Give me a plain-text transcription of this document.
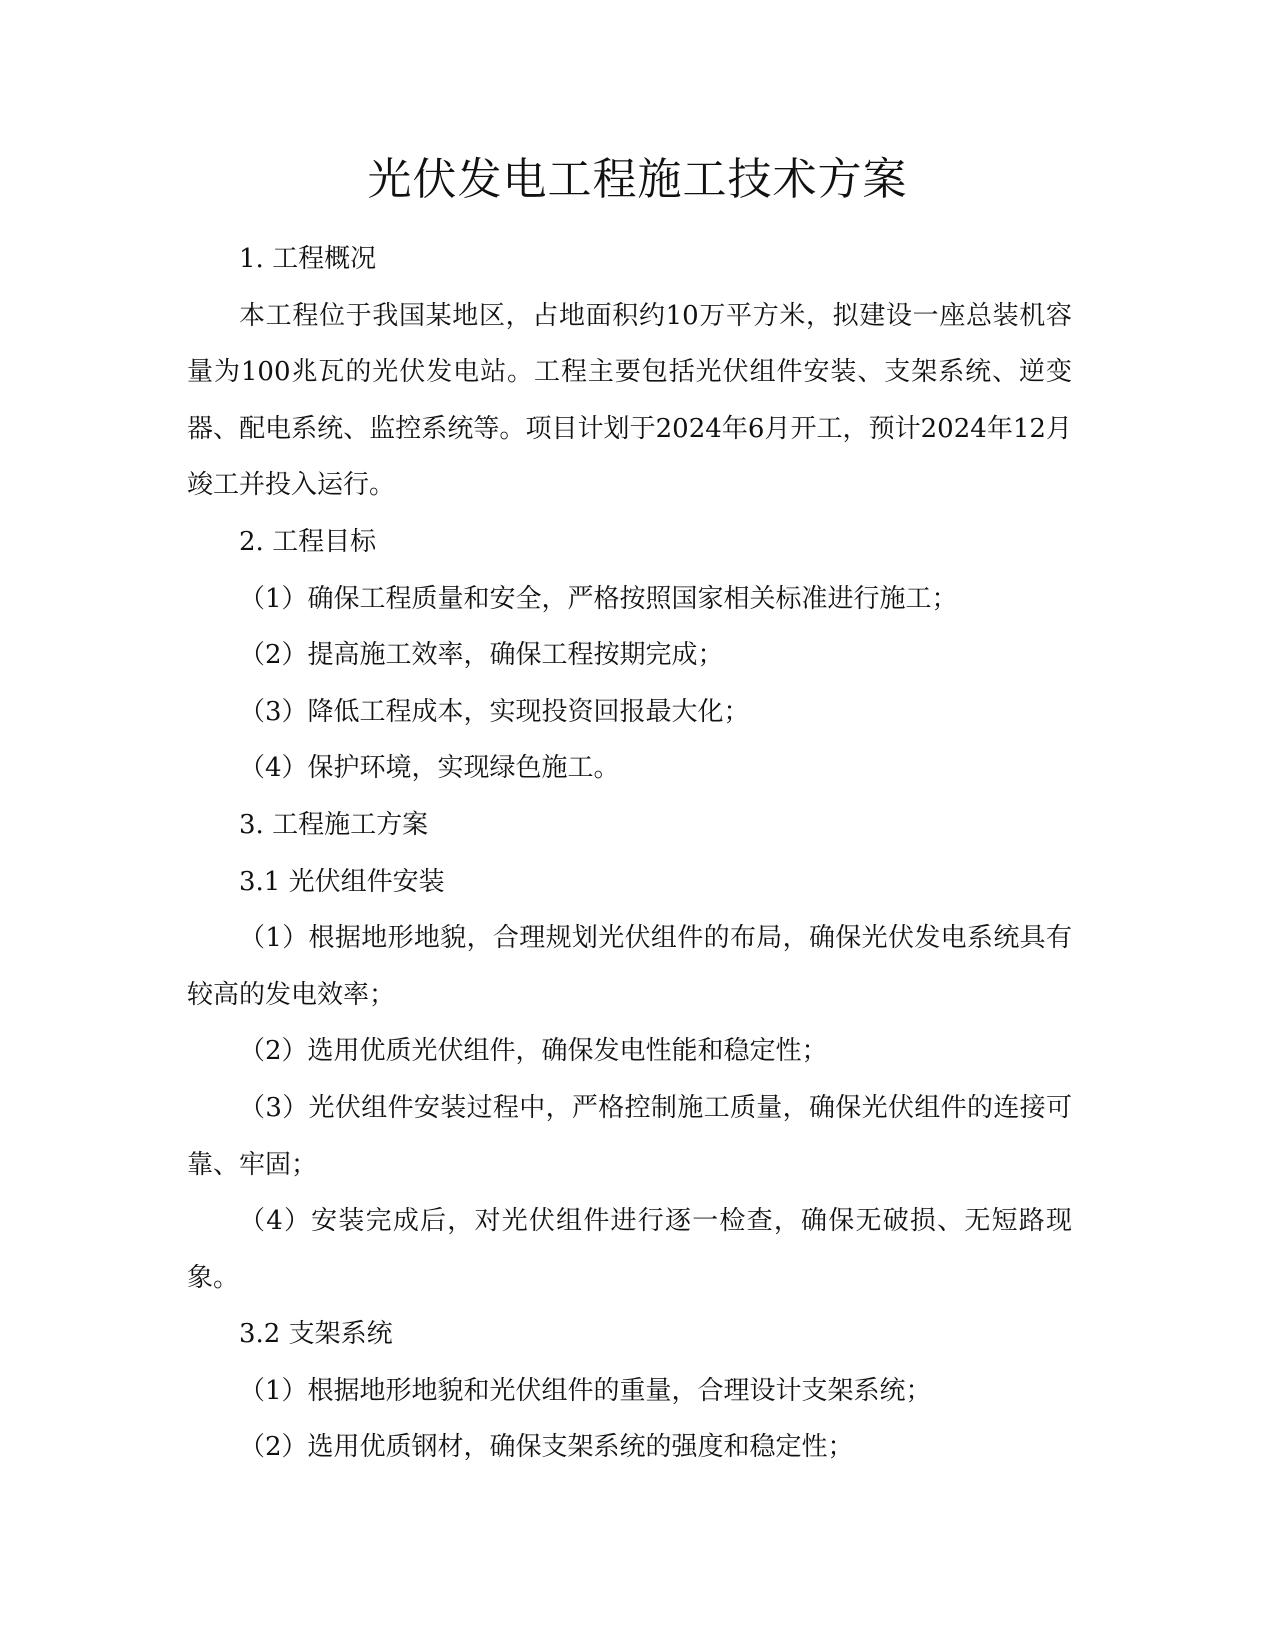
光伏发电工程施工技术方案

1. 工程概况

本工程位于我国某地区，占地面积约10万平方米，拟建设一座总装机容量为100兆瓦的光伏发电站。工程主要包括光伏组件安装、支架系统、逆变器、配电系统、监控系统等。项目计划于2024年6月开工，预计2024年12月竣工并投入运行。

2. 工程目标

（1）确保工程质量和安全，严格按照国家相关标准进行施工；

（2）提高施工效率，确保工程按期完成；

（3）降低工程成本，实现投资回报最大化；

（4）保护环境，实现绿色施工。

3. 工程施工方案

3.1 光伏组件安装

（1）根据地形地貌，合理规划光伏组件的布局，确保光伏发电系统具有较高的发电效率；

（2）选用优质光伏组件，确保发电性能和稳定性；

（3）光伏组件安装过程中，严格控制施工质量，确保光伏组件的连接可靠、牢固；

（4）安装完成后，对光伏组件进行逐一检查，确保无破损、无短路现象。

3.2 支架系统

（1）根据地形地貌和光伏组件的重量，合理设计支架系统；

（2）选用优质钢材，确保支架系统的强度和稳定性；
